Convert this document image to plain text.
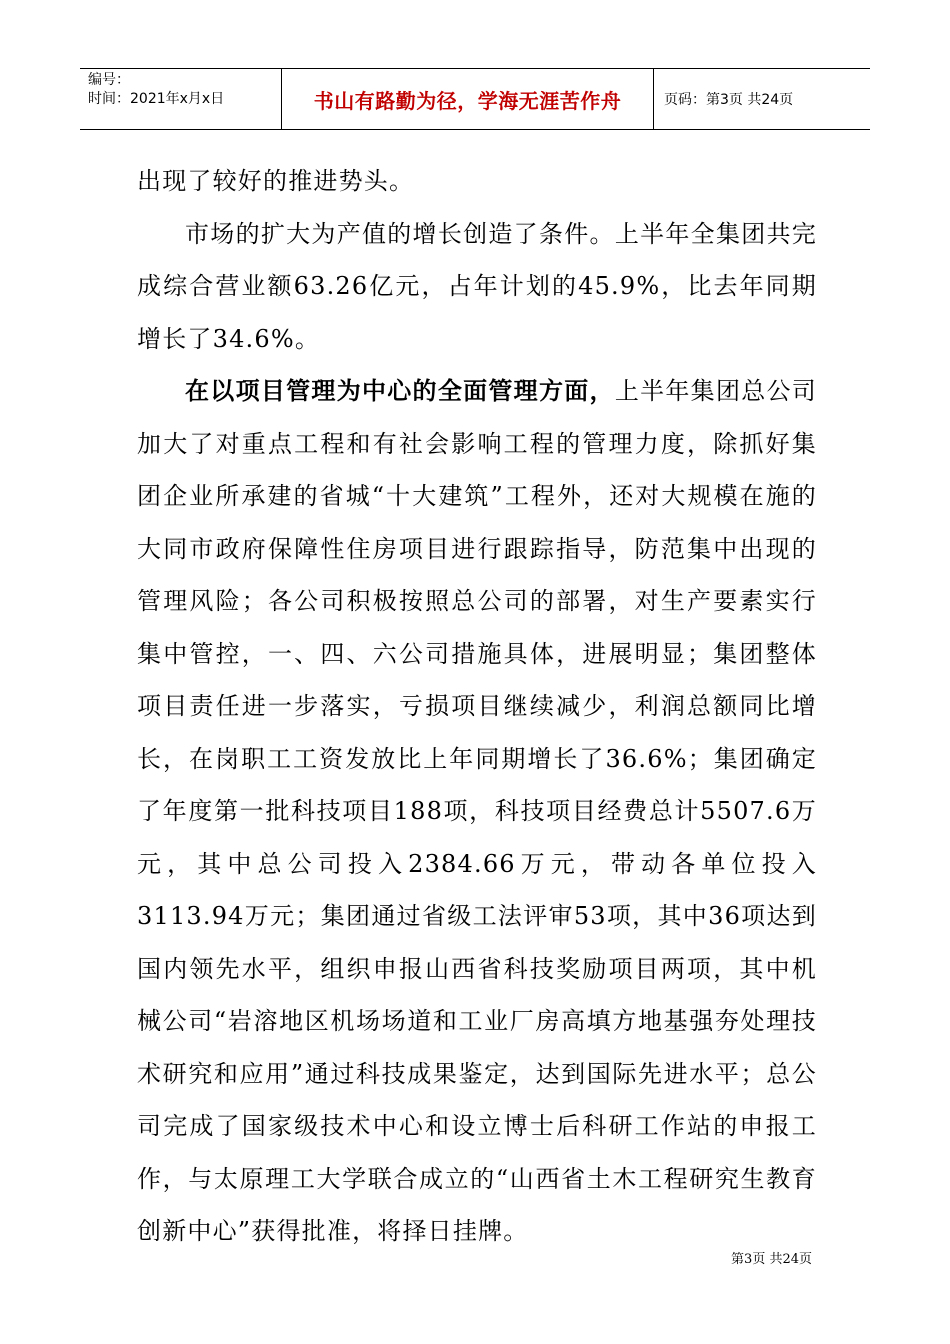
编号：
时间：2021年x月x日	书山有路勤为径，学海无涯苦作舟	页码：第3页 共24页

出现了较好的推进势头。

市场的扩大为产值的增长创造了条件。上半年全集团共完成综合营业额63.26亿元，占年计划的45.9%，比去年同期增长了34.6%。

在以项目管理为中心的全面管理方面，上半年集团总公司加大了对重点工程和有社会影响工程的管理力度，除抓好集团企业所承建的省城“十大建筑”工程外，还对大规模在施的大同市政府保障性住房项目进行跟踪指导，防范集中出现的管理风险；各公司积极按照总公司的部署，对生产要素实行集中管控，一、四、六公司措施具体，进展明显；集团整体项目责任进一步落实，亏损项目继续减少，利润总额同比增长，在岗职工工资发放比上年同期增长了36.6%；集团确定了年度第一批科技项目188项，科技项目经费总计5507.6万元，其中总公司投入2384.66万元，带动各单位投入3113.94万元；集团通过省级工法评审53项，其中36项达到国内领先水平，组织申报山西省科技奖励项目两项，其中机械公司“岩溶地区机场场道和工业厂房高填方地基强夯处理技术研究和应用”通过科技成果鉴定，达到国际先进水平；总公司完成了国家级技术中心和设立博士后科研工作站的申报工作，与太原理工大学联合成立的“山西省土木工程研究生教育创新中心”获得批准，将择日挂牌。

第3页 共24页
